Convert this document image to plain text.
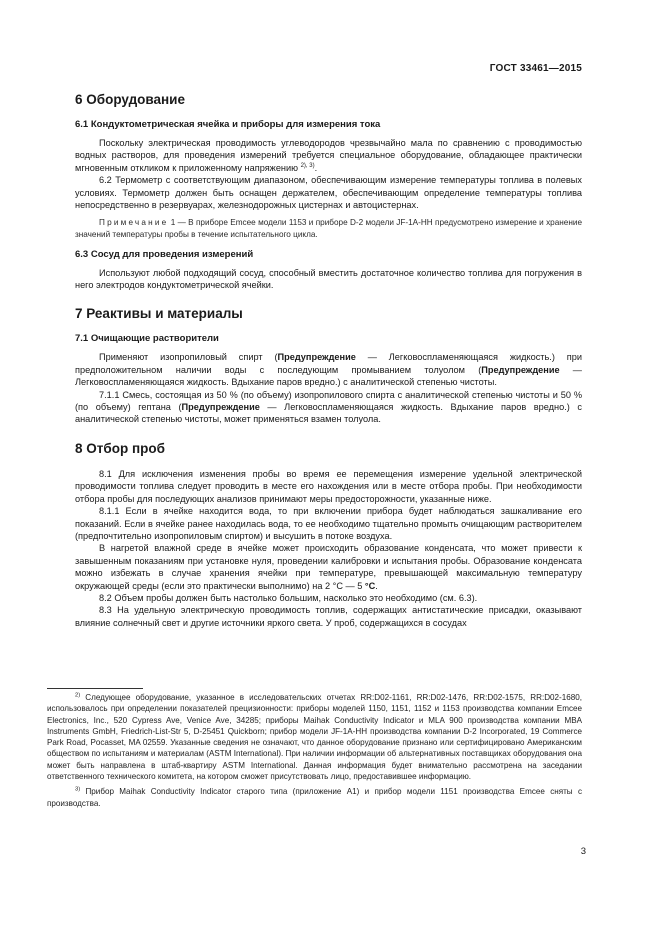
ГОСТ 33461—2015
6 Оборудование
6.1 Кондуктометрическая ячейка и приборы для измерения тока

Поскольку электрическая проводимость углеводородов чрезвычайно мала по сравнению с проводимостью водных растворов, для проведения измерений требуется специальное оборудование, обладающее практически мгновенным откликом к приложенному напряжению $^{2), 3)}$.

6.2 Термометр с соответствующим диапазоном, обеспечивающим измерение температуры топлива в полевых условиях. Термометр должен быть оснащен держателем, обеспечивающим определение температуры топлива непосредственно в резервуарах, железнодорожных цистернах и автоцистернах.

Примечание 1 — В приборе Emcee модели 1153 и приборе D-2 модели JF-1A-HH предусмотрено измерение и хранение значений температуры пробы в течение испытательного цикла.
6.3 Сосуд для проведения измерений

Используют любой подходящий сосуд, способный вместить достаточное количество топлива для погружения в него электродов кондуктометрической ячейки.

7 Реактивы и материалы
7.1 Очищающие растворители

Применяют изопропиловый спирт (Предупреждение — Легковоспламеняющаяся жидкость.) при предположительном наличии воды с последующим промыванием толуолом (Предупреждение — Легковоспламеняющаяся жидкость. Вдыхание паров вредно.) с аналитической степенью чистоты.

7.1.1 Смесь, состоящая из 50 % (по объему) изопропилового спирта с аналитической степенью чистоты и 50 % (по объему) гептана (Предупреждение — Легковоспламеняющаяся жидкость. Вдыхание паров вредно.) с аналитической степенью чистоты, может применяться взамен толуола.

8 Отбор проб

8.1 Для исключения изменения пробы во время ее перемещения измерение удельной электрической проводимости топлива следует проводить в месте его нахождения или в месте отбора пробы. При необходимости отбора пробы для последующих анализов принимают меры предосторожности, указанные ниже.

8.1.1 Если в ячейке находится вода, то при включении прибора будет наблюдаться зашкаливание его показаний. Если в ячейке ранее находилась вода, то ее необходимо тщательно промыть очищающим растворителем (предпочтительно изопропиловым спиртом) и высушить в потоке воздуха.

В нагретой влажной среде в ячейке может происходить образование конденсата, что может привести к завышенным показаниям при установке нуля, проведении калибровки и испытания пробы. Образование конденсата можно избежать в случае хранения ячейки при температуре, превышающей максимальную температуру окружающей среды (если это практически выполнимо) на 2 °С — 5 °С.

8.2 Объем пробы должен быть настолько большим, насколько это необходимо (см. 6.3).

8.3 На удельную электрическую проводимость топлив, содержащих антистатические присадки, оказывают влияние солнечный свет и другие источники яркого света. У проб, содержащихся в сосудах

$^{2)}$ Следующее оборудование, указанное в исследовательских отчетах RR:D02-1161, RR:D02-1476, RR:D02-1575, RR:D02-1680, использовалось при определении показателей прецизионности: приборы моделей 1150, 1151, 1152 и 1153 производства компании Emcee Electronics, Inc., 520 Cypress Ave, Venice Ave, 34285; приборы Maihak Conductivity Indicator и MLA 900 производства компании MBA Instruments GmbH, Friedrich-List-Str 5, D-25451 Quickborn; прибор модели JF-1A-HH производства компании D-2 Incorporated, 19 Commerce Park Road, Pocasset, MA 02559. Указанные сведения не означают, что данное оборудование признано или сертифицировано Американским обществом по испытаниям и материалам (ASTM International). При наличии информации об альтернативных поставщиках оборудования она может быть направлена в штаб-квартиру ASTM International. Данная информация будет внимательно рассмотрена на заседании ответственного технического комитета, на котором сможет присутствовать лицо, предоставившее информацию.

$^{3)}$ Прибор Maihak Conductivity Indicator старого типа (приложение А1) и прибор модели 1151 производства Emcee сняты с производства.

3
